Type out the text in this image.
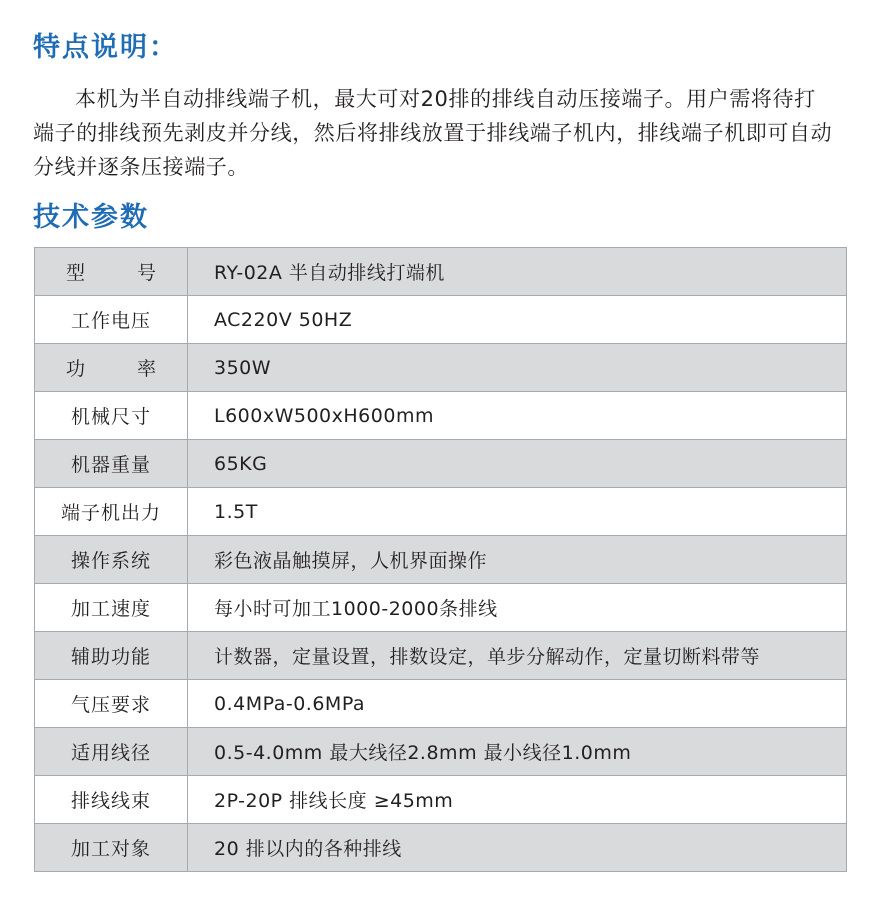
特点说明：

本机为半自动排线端子机，最大可对20排的排线自动压接端子。用户需将待打端子的排线预先剥皮并分线，然后将排线放置于排线端子机内，排线端子机即可自动分线并逐条压接端子。

技术参数
型 号	RY-02A 半自动排线打端机
工作电压	AC220V 50HZ

功 率	350W
机械尺寸	L600xW500xH600mm
机器重量	65KG
端子机出力	1.5T
操作系统	彩色液晶触摸屏，人机界面操作
加工速度	每小时可加工1000-2000条排线
辅助功能	计数器，定量设置，排数设定，单步分解动作，定量切断料带等
气压要求	0.4MPa-0.6MPa
适用线径	0.5-4.0mm 最大线径2.8mm 最小线径1.0mm
排线线束	2P-20P 排线长度 ≥45mm
加工对象	20 排以内的各种排线
